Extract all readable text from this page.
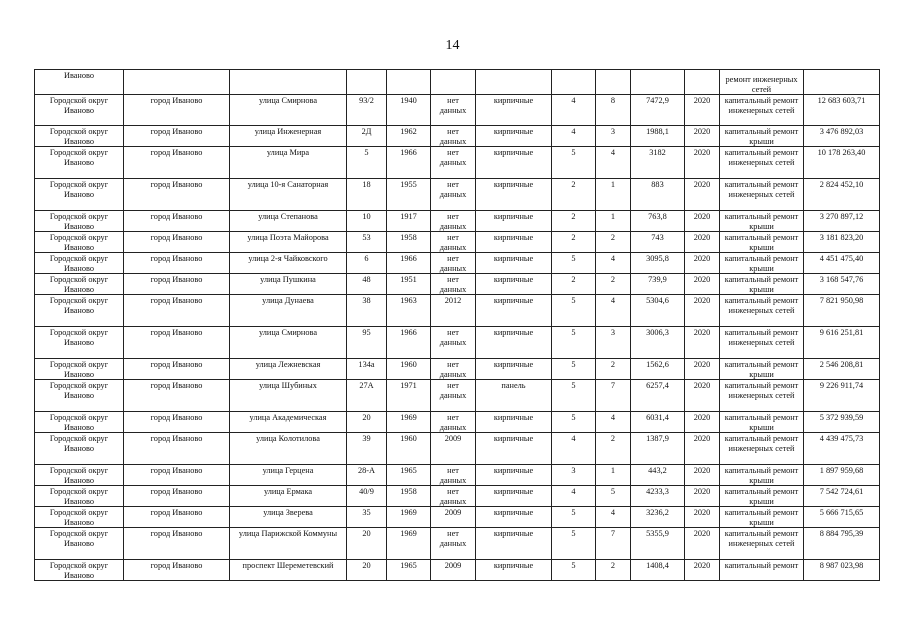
14
Иваново											ремонт инженерных сетей	
Городской округ Иваново	город Иваново	улица Смирнова	93/2	1940	нет данных	кирпичные	4	8	7472,9	2020	капитальный ремонт инженерных сетей	12 683 603,71
Городской округ Иваново	город Иваново	улица Инженерная	2Д	1962	нет данных	кирпичные	4	3	1988,1	2020	капитальный ремонт крыши	3 476 892,03
Городской округ Иваново	город Иваново	улица Мира	5	1966	нет данных	кирпичные	5	4	3182	2020	капитальный ремонт инженерных сетей	10 178 263,40
Городской округ Иваново	город Иваново	улица 10-я Санаторная	18	1955	нет данных	кирпичные	2	1	883	2020	капитальный ремонт инженерных сетей	2 824 452,10
Городской округ Иваново	город Иваново	улица Степанова	10	1917	нет данных	кирпичные	2	1	763,8	2020	капитальный ремонт крыши	3 270 897,12
Городской округ Иваново	город Иваново	улица Поэта Майорова	53	1958	нет данных	кирпичные	2	2	743	2020	капитальный ремонт крыши	3 181 823,20
Городской округ Иваново	город Иваново	улица 2-я Чайковского	6	1966	нет данных	кирпичные	5	4	3095,8	2020	капитальный ремонт крыши	4 451 475,40
Городской округ Иваново	город Иваново	улица Пушкина	48	1951	нет данных	кирпичные	2	2	739,9	2020	капитальный ремонт крыши	3 168 547,76
Городской округ Иваново	город Иваново	улица Дунаева	38	1963	2012	кирпичные	5	4	5304,6	2020	капитальный ремонт инженерных сетей	7 821 950,98
Городской округ Иваново	город Иваново	улица Смирнова	95	1966	нет данных	кирпичные	5	3	3006,3	2020	капитальный ремонт инженерных сетей	9 616 251,81
Городской округ Иваново	город Иваново	улица Лежневская	134а	1960	нет данных	кирпичные	5	2	1562,6	2020	капитальный ремонт крыши	2 546 208,81
Городской округ Иваново	город Иваново	улица Шубиных	27А	1971	нет данных	панель	5	7	6257,4	2020	капитальный ремонт инженерных сетей	9 226 911,74
Городской округ Иваново	город Иваново	улица Академическая	20	1969	нет данных	кирпичные	5	4	6031,4	2020	капитальный ремонт крыши	5 372 939,59
Городской округ Иваново	город Иваново	улица Колотилова	39	1960	2009	кирпичные	4	2	1387,9	2020	капитальный ремонт инженерных сетей	4 439 475,73
Городской округ Иваново	город Иваново	улица Герцена	28-А	1965	нет данных	кирпичные	3	1	443,2	2020	капитальный ремонт крыши	1 897 959,68
Городской округ Иваново	город Иваново	улица Ермака	40/9	1958	нет данных	кирпичные	4	5	4233,3	2020	капитальный ремонт крыши	7 542 724,61
Городской округ Иваново	город Иваново	улица Зверева	35	1969	2009	кирпичные	5	4	3236,2	2020	капитальный ремонт крыши	5 666 715,65
Городской округ Иваново	город Иваново	улица Парижской Коммуны	20	1969	нет данных	кирпичные	5	7	5355,9	2020	капитальный ремонт инженерных сетей	8 884 795,39
Городской округ Иваново	город Иваново	проспект Шереметевский	20	1965	2009	кирпичные	5	2	1408,4	2020	капитальный ремонт	8 987 023,98
